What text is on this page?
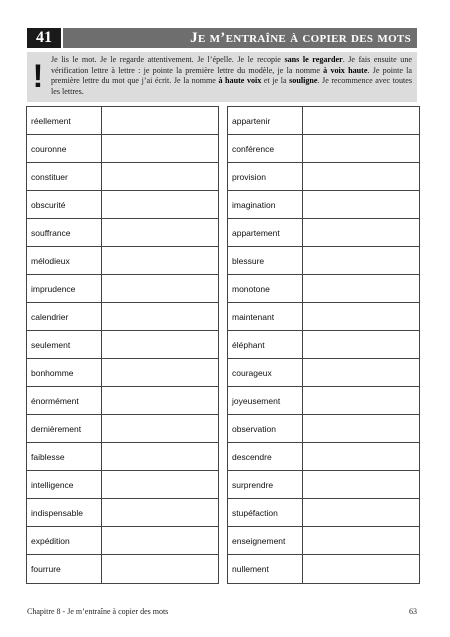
41	Je m’entraîne à copier des mots
! Je lis le mot. Je le regarde attentivement. Je l’épelle. Je le recopie sans le regarder. Je fais ensuite une vérification lettre à lettre : je pointe la première lettre du modèle, je la nomme à voix haute. Je pointe la première lettre du mot que j’ai écrit. Je la nomme à haute voix et je la souligne. Je recommence avec toutes les lettres.
réellement
couronne
constituer
obscurité
souffrance
mélodieux
imprudence
calendrier
seulement
bonhomme
énormément
dernièrement
faiblesse
intelligence
indispensable
expédition
fourrure
appartenir
conférence
provision
imagination
appartement
blessure
monotone
maintenant
éléphant
courageux
joyeusement
observation
descendre
surprendre
stupéfaction
enseignement
nullement
Chapitre 8 - Je m’entraîne à copier des mots	63
